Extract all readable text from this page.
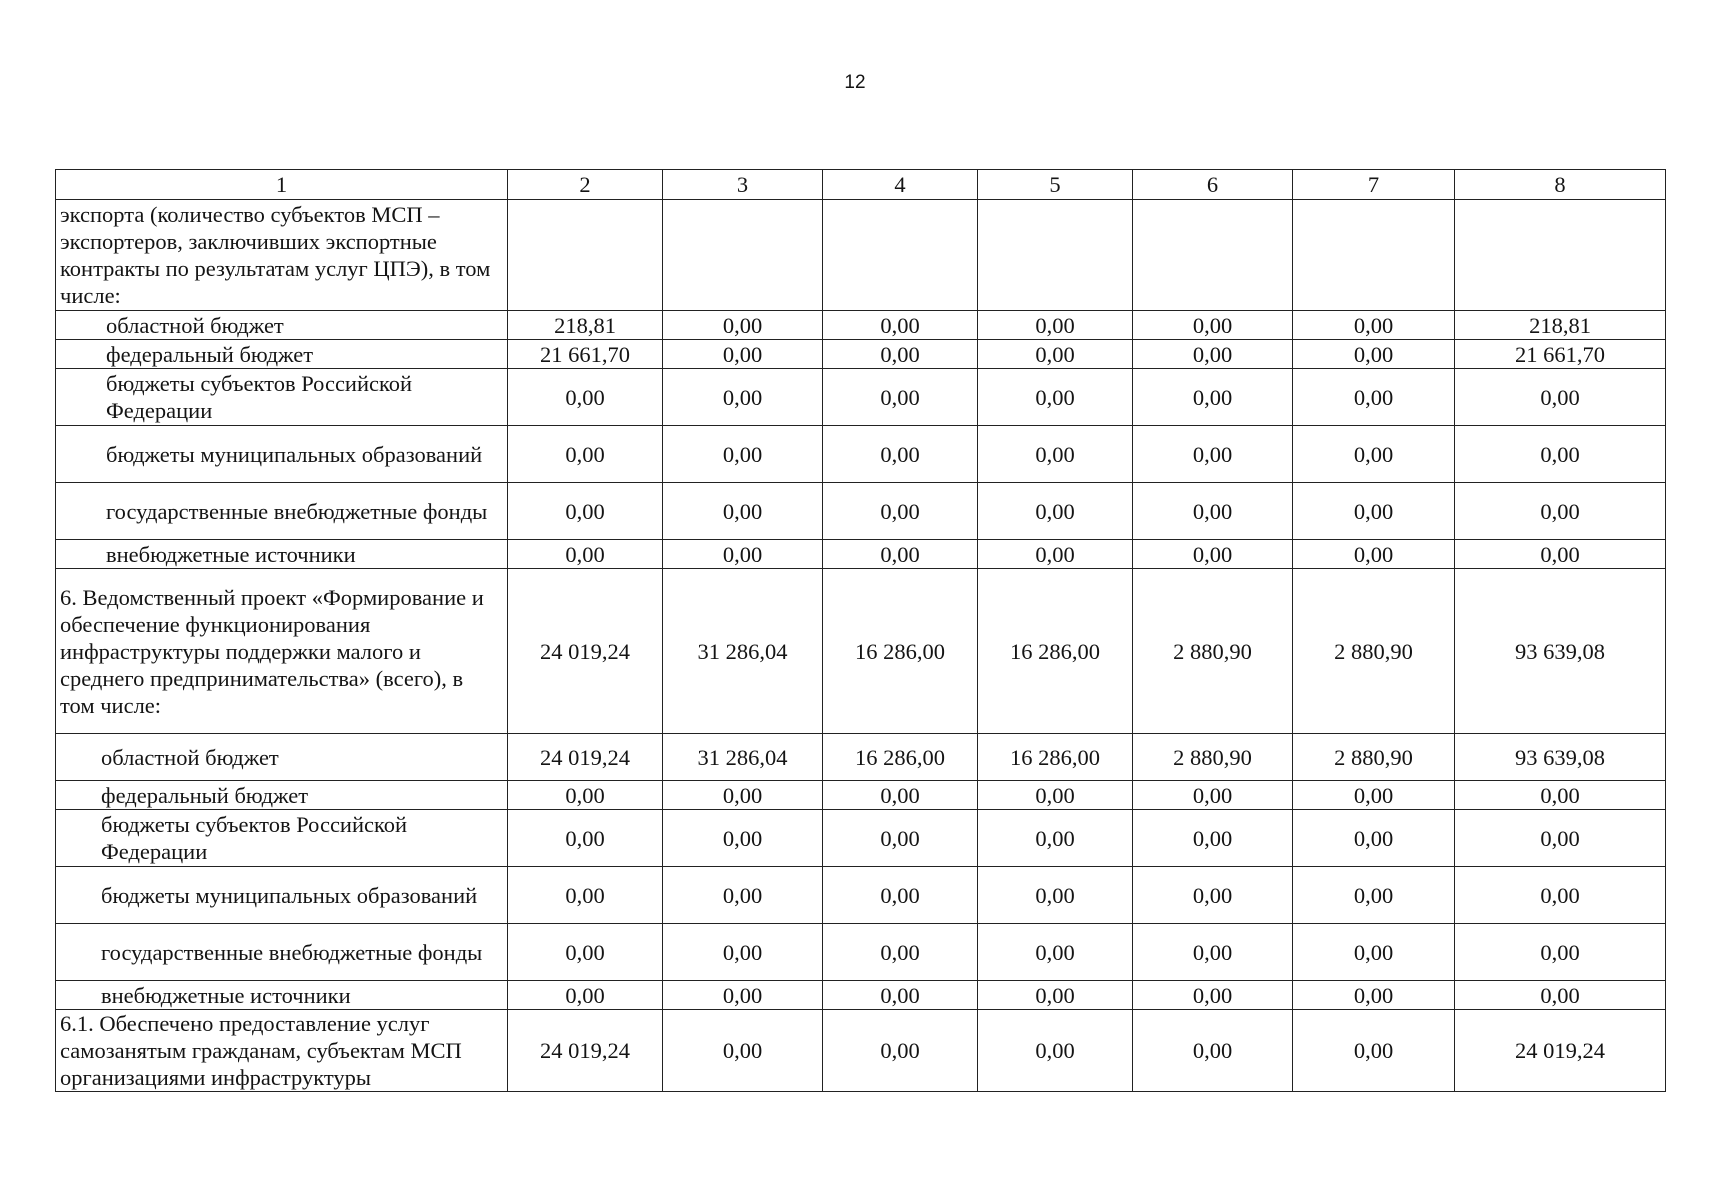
12
1	2	3	4	5	6	7	8
экспорта (количество субъектов МСП – экспортеров, заключивших экспортные контракты по результатам услуг ЦПЭ), в том числе:							
областной бюджет	218,81	0,00	0,00	0,00	0,00	0,00	218,81
федеральный бюджет	21 661,70	0,00	0,00	0,00	0,00	0,00	21 661,70
бюджеты субъектов Российской Федерации	0,00	0,00	0,00	0,00	0,00	0,00	0,00
бюджеты муниципальных образований	0,00	0,00	0,00	0,00	0,00	0,00	0,00
государственные внебюджетные фонды	0,00	0,00	0,00	0,00	0,00	0,00	0,00
внебюджетные источники	0,00	0,00	0,00	0,00	0,00	0,00	0,00
6. Ведомственный проект «Формирование и обеспечение функционирования инфраструктуры поддержки малого и среднего предпринимательства» (всего), в том числе:	24 019,24	31 286,04	16 286,00	16 286,00	2 880,90	2 880,90	93 639,08
областной бюджет	24 019,24	31 286,04	16 286,00	16 286,00	2 880,90	2 880,90	93 639,08
федеральный бюджет	0,00	0,00	0,00	0,00	0,00	0,00	0,00
бюджеты субъектов Российской Федерации	0,00	0,00	0,00	0,00	0,00	0,00	0,00
бюджеты муниципальных образований	0,00	0,00	0,00	0,00	0,00	0,00	0,00
государственные внебюджетные фонды	0,00	0,00	0,00	0,00	0,00	0,00	0,00
внебюджетные источники	0,00	0,00	0,00	0,00	0,00	0,00	0,00
6.1. Обеспечено предоставление услуг самозанятым гражданам, субъектам МСП организациями инфраструктуры	24 019,24	0,00	0,00	0,00	0,00	0,00	24 019,24
